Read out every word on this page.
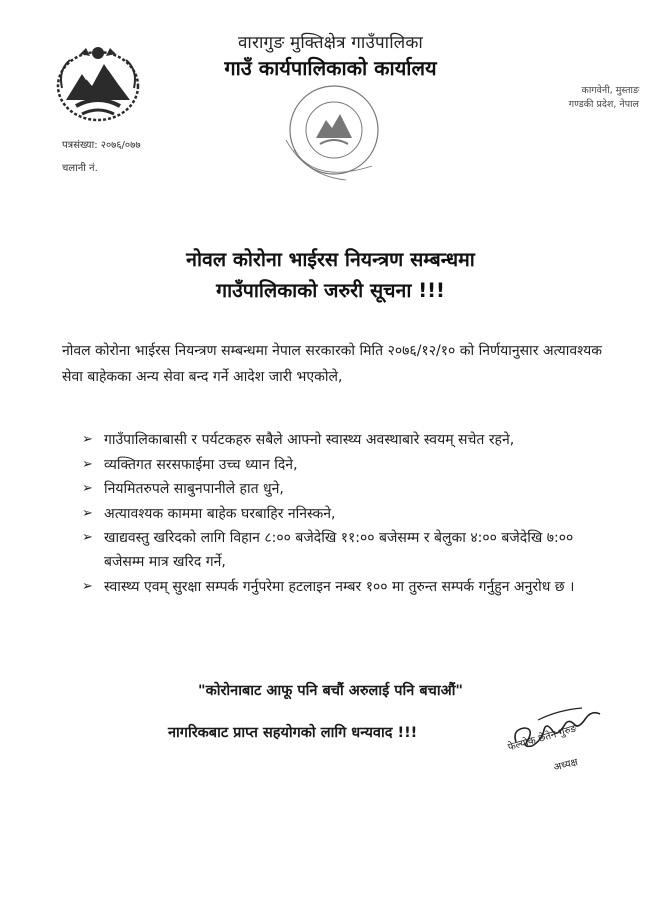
वारागुङ मुक्तिक्षेत्र गाउँपालिका
गाउँ कार्यपालिकाको कार्यालय
कागवेनी, मुस्ताङ
गण्डकी प्रदेश, नेपाल
पत्रसंख्या: २०७६/०७७
चलानी नं.
नोवल कोरोना भाईरस नियन्त्रण सम्बन्धमा
गाउँपालिकाको जरुरी सूचना !!!
नोवल कोरोना भाईरस नियन्त्रण सम्बन्धमा नेपाल सरकारको मिति २०७६/१२/१० को निर्णयानुसार अत्यावश्यक सेवा बाहेकका अन्य सेवा बन्द गर्ने आदेश जारी भएकोले,
➢ गाउँपालिकाबासी र पर्यटकहरु सबैले आफ्नो स्वास्थ्य अवस्थाबारे स्वयम् सचेत रहने,
➢ व्यक्तिगत सरसफाईमा उच्च ध्यान दिने,
➢ नियमितरुपले साबुनपानीले हात धुने,
➢ अत्यावश्यक काममा बाहेक घरबाहिर ननिस्कने,
➢ खाद्यवस्तु खरिदको लागि विहान ८:०० बजेदेखि ११:०० बजेसम्म र बेलुका ४:०० बजेदेखि ७:०० बजेसम्म मात्र खरिद गर्ने,
➢ स्वास्थ्य एवम् सुरक्षा सम्पर्क गर्नुपरेमा हटलाइन नम्बर १०० मा तुरुन्त सम्पर्क गर्नुहुन अनुरोध छ ।
"कोरोनाबाट आफू पनि बचौं अरुलाई पनि बचाऔं"
नागरिकबाट प्राप्त सहयोगको लागि धन्यवाद !!!	फेल्योक छेतेन गुरुङ
अध्यक्ष
